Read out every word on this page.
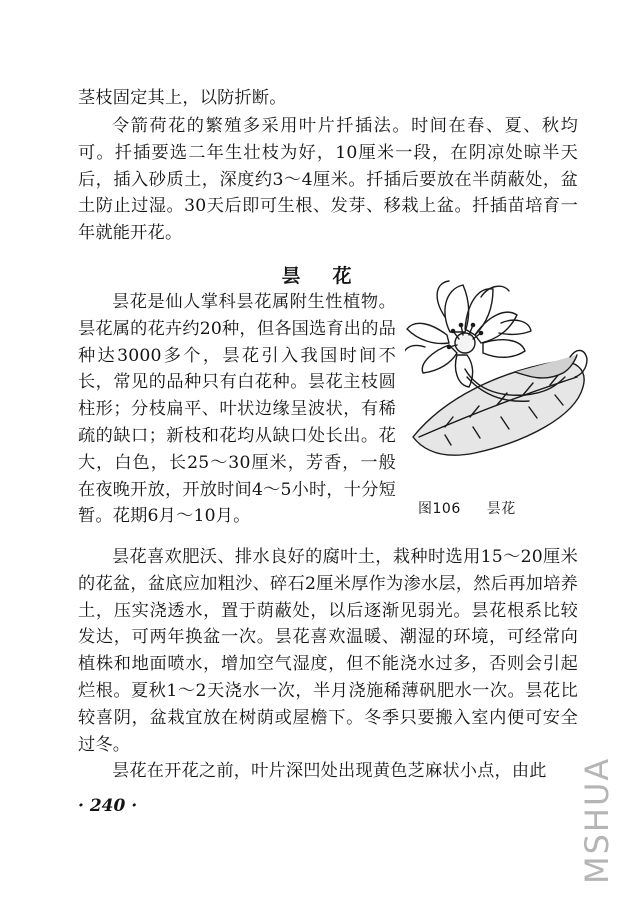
茎枝固定其上，以防折断。

令箭荷花的繁殖多采用叶片扦插法。时间在春、夏、秋均可。扦插要选二年生壮枝为好，10厘米一段，在阴凉处晾半天后，插入砂质土，深度约3～4厘米。扦插后要放在半荫蔽处，盆土防止过湿。30天后即可生根、发芽、移栽上盆。扦插苗培育一年就能开花。

昙 花

昙花是仙人掌科昙花属附生性植物。昙花属的花卉约20种，但各国选育出的品种达3000多个，昙花引入我国时间不长，常见的品种只有白花种。昙花主枝圆柱形；分枝扁平、叶状边缘呈波状，有稀疏的缺口；新枝和花均从缺口处长出。花大，白色，长25～30厘米，芳香，一般在夜晚开放，开放时间4～5小时，十分短暂。花期6月～10月。	图106 昙花

昙花喜欢肥沃、排水良好的腐叶土，栽种时选用15～20厘米的花盆，盆底应加粗沙、碎石2厘米厚作为渗水层，然后再加培养土，压实浇透水，置于荫蔽处，以后逐渐见弱光。昙花根系比较发达，可两年换盆一次。昙花喜欢温暖、潮湿的环境，可经常向植株和地面喷水，增加空气湿度，但不能浇水过多，否则会引起烂根。夏秋1～2天浇水一次，半月浇施稀薄矾肥水一次。昙花比较喜阴，盆栽宜放在树荫或屋檐下。冬季只要搬入室内便可安全过冬。

昙花在开花之前，叶片深凹处出现黄色芝麻状小点，由此

· 240 ·	MSHUA
